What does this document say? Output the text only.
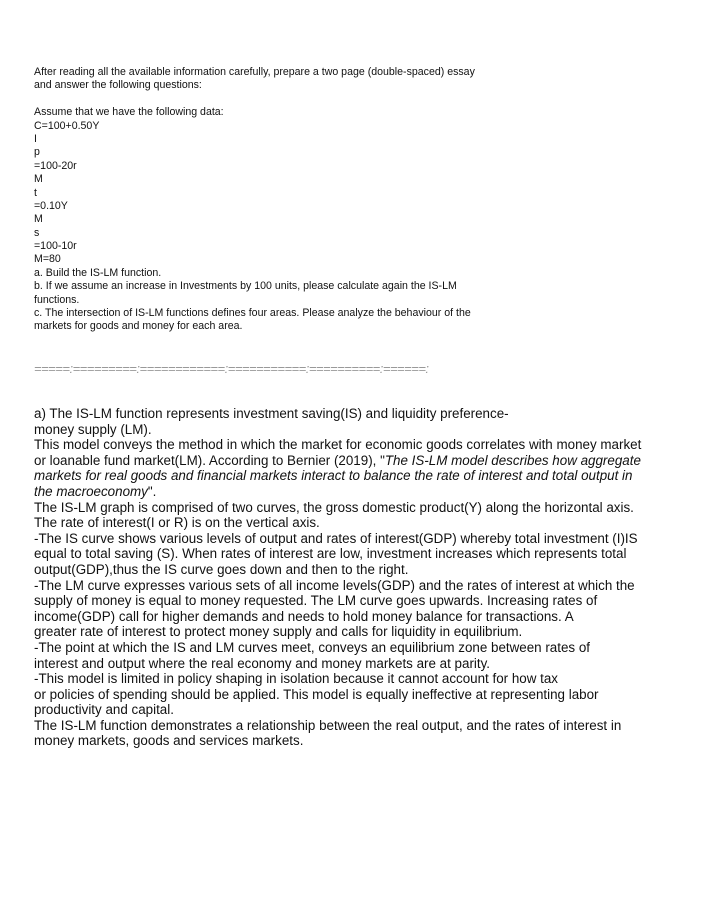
After reading all the available information carefully, prepare a two page (double-spaced) essay
and answer the following questions:
Assume that we have the following data:
C=100+0.50Y
I
p
=100-20r
M
t
=0.10Y
M
s
=100-10r
M=80
a. Build the IS-LM function.
b. If we assume an increase in Investments by 100 units, please calculate again the IS-LM
functions.
c. The intersection of IS-LM functions defines four areas. Please analyze the behaviour of the
markets for goods and money for each area.
=====:=========:============:===========:==========:======:
a) The IS-LM function represents investment saving(IS) and liquidity preference-
money supply (LM).
This model conveys the method in which the market for economic goods correlates with money market
or loanable fund market(LM). According to Bernier (2019), "The IS-LM model describes how aggregate
markets for real goods and financial markets interact to balance the rate of interest and total output in
the macroeconomy".
The IS-LM graph is comprised of two curves, the gross domestic product(Y) along the horizontal axis.
The rate of interest(I or R) is on the vertical axis.
-The IS curve shows various levels of output and rates of interest(GDP) whereby total investment (I)IS
equal to total saving (S). When rates of interest are low, investment increases which represents total
output(GDP),thus the IS curve goes down and then to the right.
-The LM curve expresses various sets of all income levels(GDP) and the rates of interest at which the
supply of money is equal to money requested. The LM curve goes upwards. Increasing rates of
income(GDP) call for higher demands and needs to hold money balance for transactions. A
greater rate of interest to protect money supply and calls for liquidity in equilibrium.
-The point at which the IS and LM curves meet, conveys an equilibrium zone between rates of
interest and output where the real economy and money markets are at parity.
-This model is limited in policy shaping in isolation because it cannot account for how tax
or policies of spending should be applied. This model is equally ineffective at representing labor
productivity and capital.
The IS-LM function demonstrates a relationship between the real output, and the rates of interest in
money markets, goods and services markets.
